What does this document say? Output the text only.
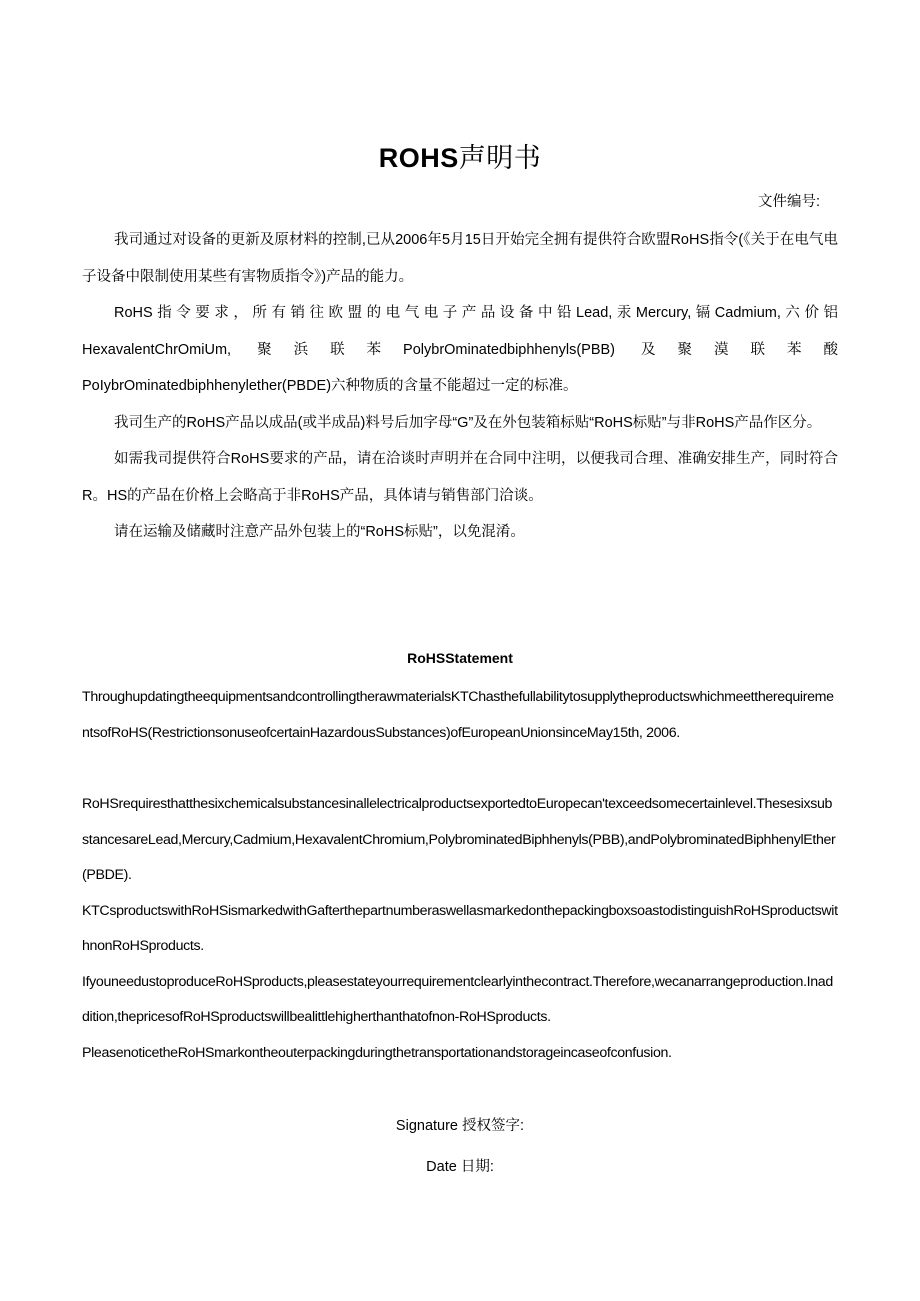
ROHS声明书
文件编号:

我司通过对设备的更新及原材料的控制,已从2006年5月15日开始完全拥有提供符合欧盟RoHS指令(《关于在电气电子设备中限制使用某些有害物质指令》)产品的能力。

RoHS指令要求，所有销往欧盟的电气电子产品设备中铅Lead,汞Mercury,镉Cadmium,六价铝HexavalentChrOmiUm, 聚浜联苯PolybrOminatedbiphhenyls(PBB) 及聚漠联苯酸PoIybrOminatedbiphhenylether(PBDE)六种物质的含量不能超过一定的标准。

我司生产的RoHS产品以成品(或半成品)料号后加字母“G”及在外包装箱标贴“RoHS标贴”与非RoHS产品作区分。

如需我司提供符合RoHS要求的产品，请在洽谈时声明并在合同中注明，以便我司合理、准确安排生产，同时符合R。HS的产品在价格上会略高于非RoHS产品，具体请与销售部门洽谈。

请在运输及储藏时注意产品外包装上的“RoHS标贴”，以免混淆。

RoHSStatement

ThroughupdatingtheequipmentsandcontrollingtherawmaterialsKTChasthefullabilitytosupplytheproductswhichmeettherequirementsofRoHS(RestrictionsonuseofcertainHazardousSubstances)ofEuropeanUnionsinceMay15th, 2006.

RoHSrequiresthatthesixchemicalsubstancesinallelectricalproductsexportedtoEuropecan'texceedsomecertainlevel.ThesesixsubstancesareLead,Mercury,Cadmium,HexavalentChromium,PolybrominatedBiphhenyls(PBB),andPolybrominatedBiphhenylEther(PBDE).

KTCsproductswithRoHSismarkedwithGafterthepartnumberaswellasmarkedonthepackingboxsoastodistinguishRoHSproductswithnonRoHSproducts.

IfyouneedustoproduceRoHSproducts,pleasestateyourrequirementclearlyinthecontract.Therefore,wecanarrangeproduction.Inaddition,thepricesofRoHSproductswillbealittlehigherthanthatofnon-RoHSproducts.

PleasenoticetheRoHSmarkontheouterpackingduringthetransportationandstorageincaseofconfusion.

Signature 授权签字:
Date 日期:
